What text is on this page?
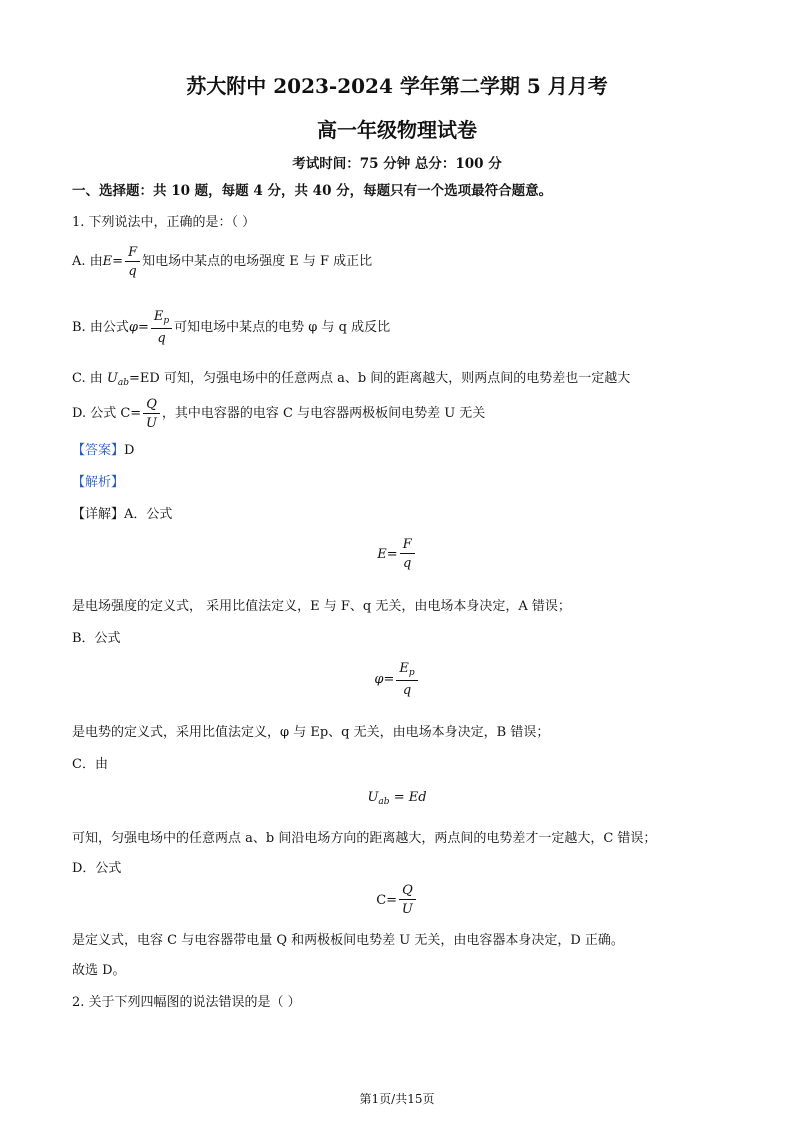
苏大附中 2023-2024 学年第二学期 5 月月考
高一年级物理试卷
考试时间：75 分钟 总分：100 分
一、选择题：共 10 题，每题 4 分，共 40 分，每题只有一个选项最符合题意。
1. 下列说法中，正确的是：（ ）
A. 由 $E = \frac{F}{q}$ 知电场中某点的电场强度 E 与 F 成正比
B. 由公式 $\varphi = \frac{E_p}{q}$ 可知电场中某点的电势 φ 与 q 成反比
C. 由 $U_{ab}=ED$ 可知，匀强电场中的任意两点 a、b 间的距离越大，则两点间的电势差也一定越大
D. 公式 $C= \frac{Q}{U}$ ，其中电容器的电容 C 与电容器两极板间电势差 U 无关
【答案】D
【解析】
【详解】A．公式
$E = \frac{F}{q}$
是电场强度的定义式， 采用比值法定义，E 与 F、q 无关，由电场本身决定，A 错误；
B．公式
$\varphi = \frac{E_p}{q}$
是电势的定义式，采用比值法定义，φ 与 Ep、q 无关，由电场本身决定，B 错误；
C．由
$U_{ab} = Ed$
可知，匀强电场中的任意两点 a、b 间沿电场方向的距离越大，两点间的电势差才一定越大，C 错误；
D．公式
$C= \frac{Q}{U}$
是定义式，电容 C 与电容器带电量 Q 和两极板间电势差 U 无关，由电容器本身决定，D 正确。
故选 D。
2. 关于下列四幅图的说法错误的是（ ）
第1页/共15页
